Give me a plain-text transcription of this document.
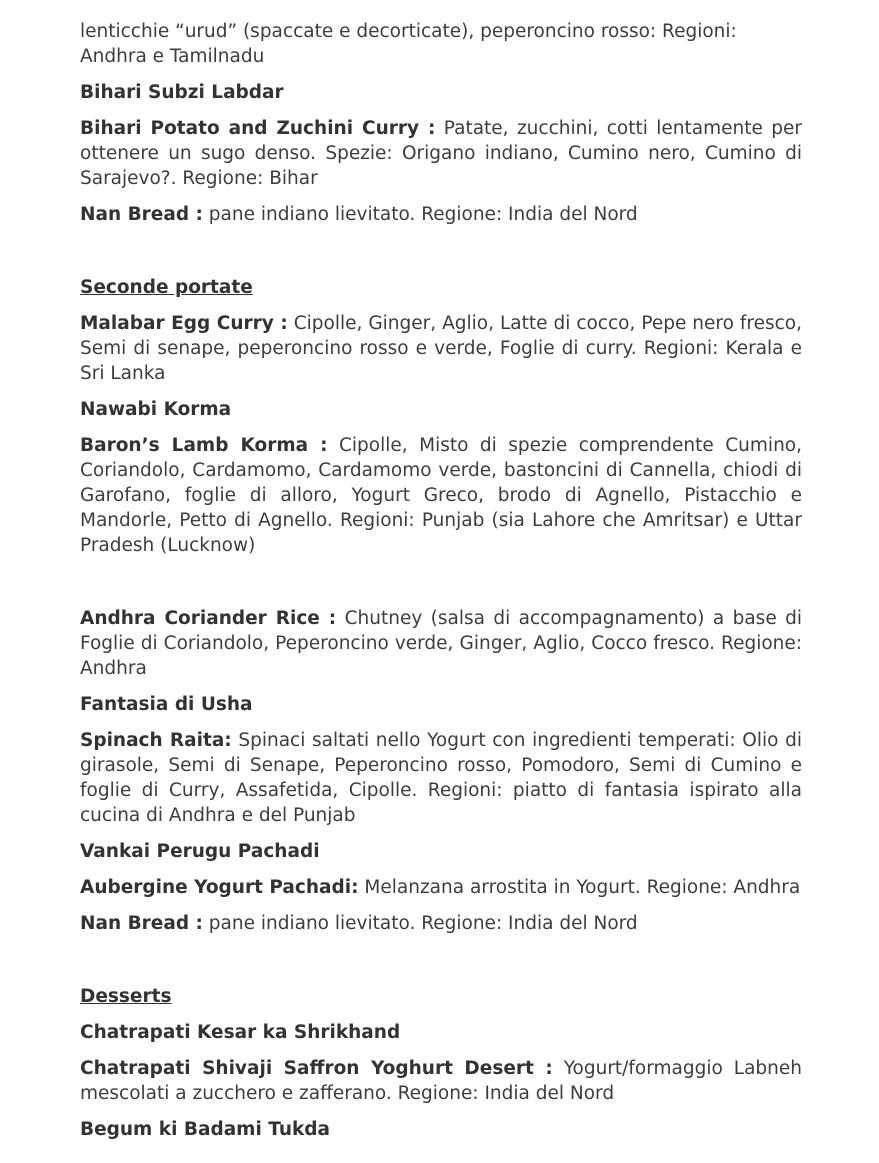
lenticchie “urud” (spaccate e decorticate), peperoncino rosso: Regioni: Andhra e Tamilnadu

Bihari Subzi Labdar

Bihari Potato and Zuchini Curry : Patate, zucchini, cotti lentamente per ottenere un sugo denso. Spezie: Origano indiano, Cumino nero, Cumino di Sarajevo?. Regione: Bihar

Nan Bread : pane indiano lievitato. Regione: India del Nord

Seconde portate

Malabar Egg Curry : Cipolle, Ginger, Aglio, Latte di cocco, Pepe nero fresco, Semi di senape, peperoncino rosso e verde, Foglie di curry. Regioni: Kerala e Sri Lanka

Nawabi Korma

Baron’s Lamb Korma : Cipolle, Misto di spezie comprendente Cumino, Coriandolo, Cardamomo, Cardamomo verde, bastoncini di Cannella, chiodi di Garofano, foglie di alloro, Yogurt Greco, brodo di Agnello, Pistacchio e Mandorle, Petto di Agnello. Regioni: Punjab (sia Lahore che Amritsar) e Uttar Pradesh (Lucknow)

Andhra Coriander Rice : Chutney (salsa di accompagnamento) a base di Foglie di Coriandolo, Peperoncino verde, Ginger, Aglio, Cocco fresco. Regione: Andhra

Fantasia di Usha

Spinach Raita: Spinaci saltati nello Yogurt con ingredienti temperati: Olio di girasole, Semi di Senape, Peperoncino rosso, Pomodoro, Semi di Cumino e foglie di Curry, Assafetida, Cipolle. Regioni: piatto di fantasia ispirato alla cucina di Andhra e del Punjab

Vankai Perugu Pachadi

Aubergine Yogurt Pachadi: Melanzana arrostita in Yogurt. Regione: Andhra

Nan Bread : pane indiano lievitato. Regione: India del Nord

Desserts

Chatrapati Kesar ka Shrikhand

Chatrapati Shivaji Saffron Yoghurt Desert : Yogurt/formaggio Labneh mescolati a zucchero e zafferano. Regione: India del Nord

Begum ki Badami Tukda
